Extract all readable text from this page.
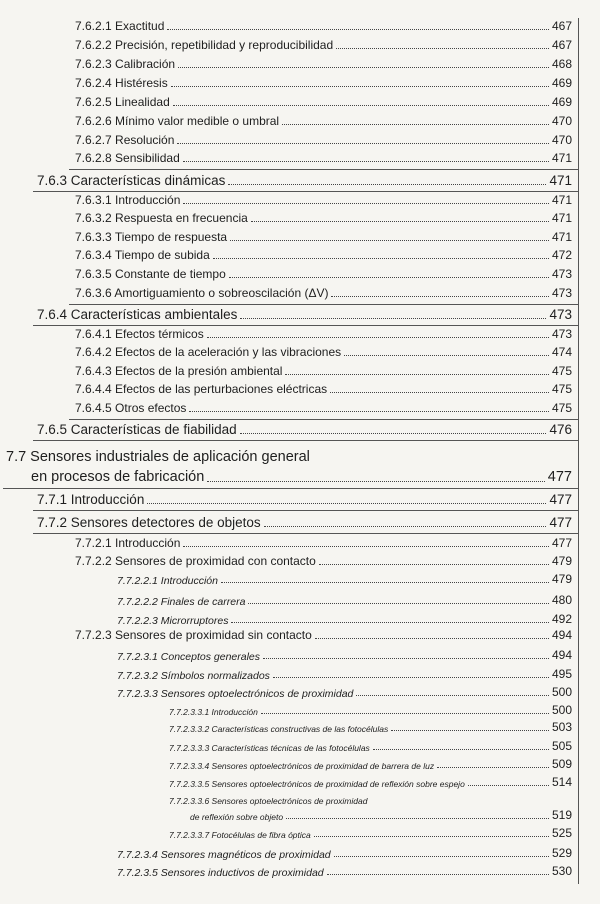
7.6.2.1 Exactitud	467
7.6.2.2 Precisión, repetibilidad y reproducibilidad	467
7.6.2.3 Calibración	468
7.6.2.4 Histéresis	469
7.6.2.5 Linealidad	469
7.6.2.6 Mínimo valor medible o umbral	470
7.6.2.7 Resolución	470
7.6.2.8 Sensibilidad	471
7.6.3 Características dinámicas	471
7.6.3.1 Introducción	471
7.6.3.2 Respuesta en frecuencia	471
7.6.3.3 Tiempo de respuesta	471
7.6.3.4 Tiempo de subida	472
7.6.3.5 Constante de tiempo	473
7.6.3.6 Amortiguamiento o sobreoscilación (ΔV)	473
7.6.4 Características ambientales	473
7.6.4.1 Efectos térmicos	473
7.6.4.2 Efectos de la aceleración y las vibraciones	474
7.6.4.3 Efectos de la presión ambiental	475
7.6.4.4 Efectos de las perturbaciones eléctricas	475
7.6.4.5 Otros efectos	475
7.6.5 Características de fiabilidad	476
7.7 Sensores industriales de aplicación general
en procesos de fabricación	477
7.7.1 Introducción	477
7.7.2 Sensores detectores de objetos	477
7.7.2.1 Introducción	477
7.7.2.2 Sensores de proximidad con contacto	479
7.7.2.2.1 Introducción	479
7.7.2.2.2 Finales de carrera	480
7.7.2.2.3 Microrruptores	492
7.7.2.3 Sensores de proximidad sin contacto	494
7.7.2.3.1 Conceptos generales	494
7.7.2.3.2 Símbolos normalizados	495
7.7.2.3.3 Sensores optoelectrónicos de proximidad	500
7.7.2.3.3.1 Introducción	500
7.7.2.3.3.2 Características constructivas de las fotocélulas	503
7.7.2.3.3.3 Características técnicas de las fotocélulas	505
7.7.2.3.3.4 Sensores optoelectrónicos de proximidad de barrera de luz	509
7.7.2.3.3.5 Sensores optoelectrónicos de proximidad de reflexión sobre espejo	514
7.7.2.3.3.6 Sensores optoelectrónicos de proximidad
de reflexión sobre objeto	519
7.7.2.3.3.7 Fotocélulas de fibra óptica	525
7.7.2.3.4 Sensores magnéticos de proximidad	529
7.7.2.3.5 Sensores inductivos de proximidad	530
